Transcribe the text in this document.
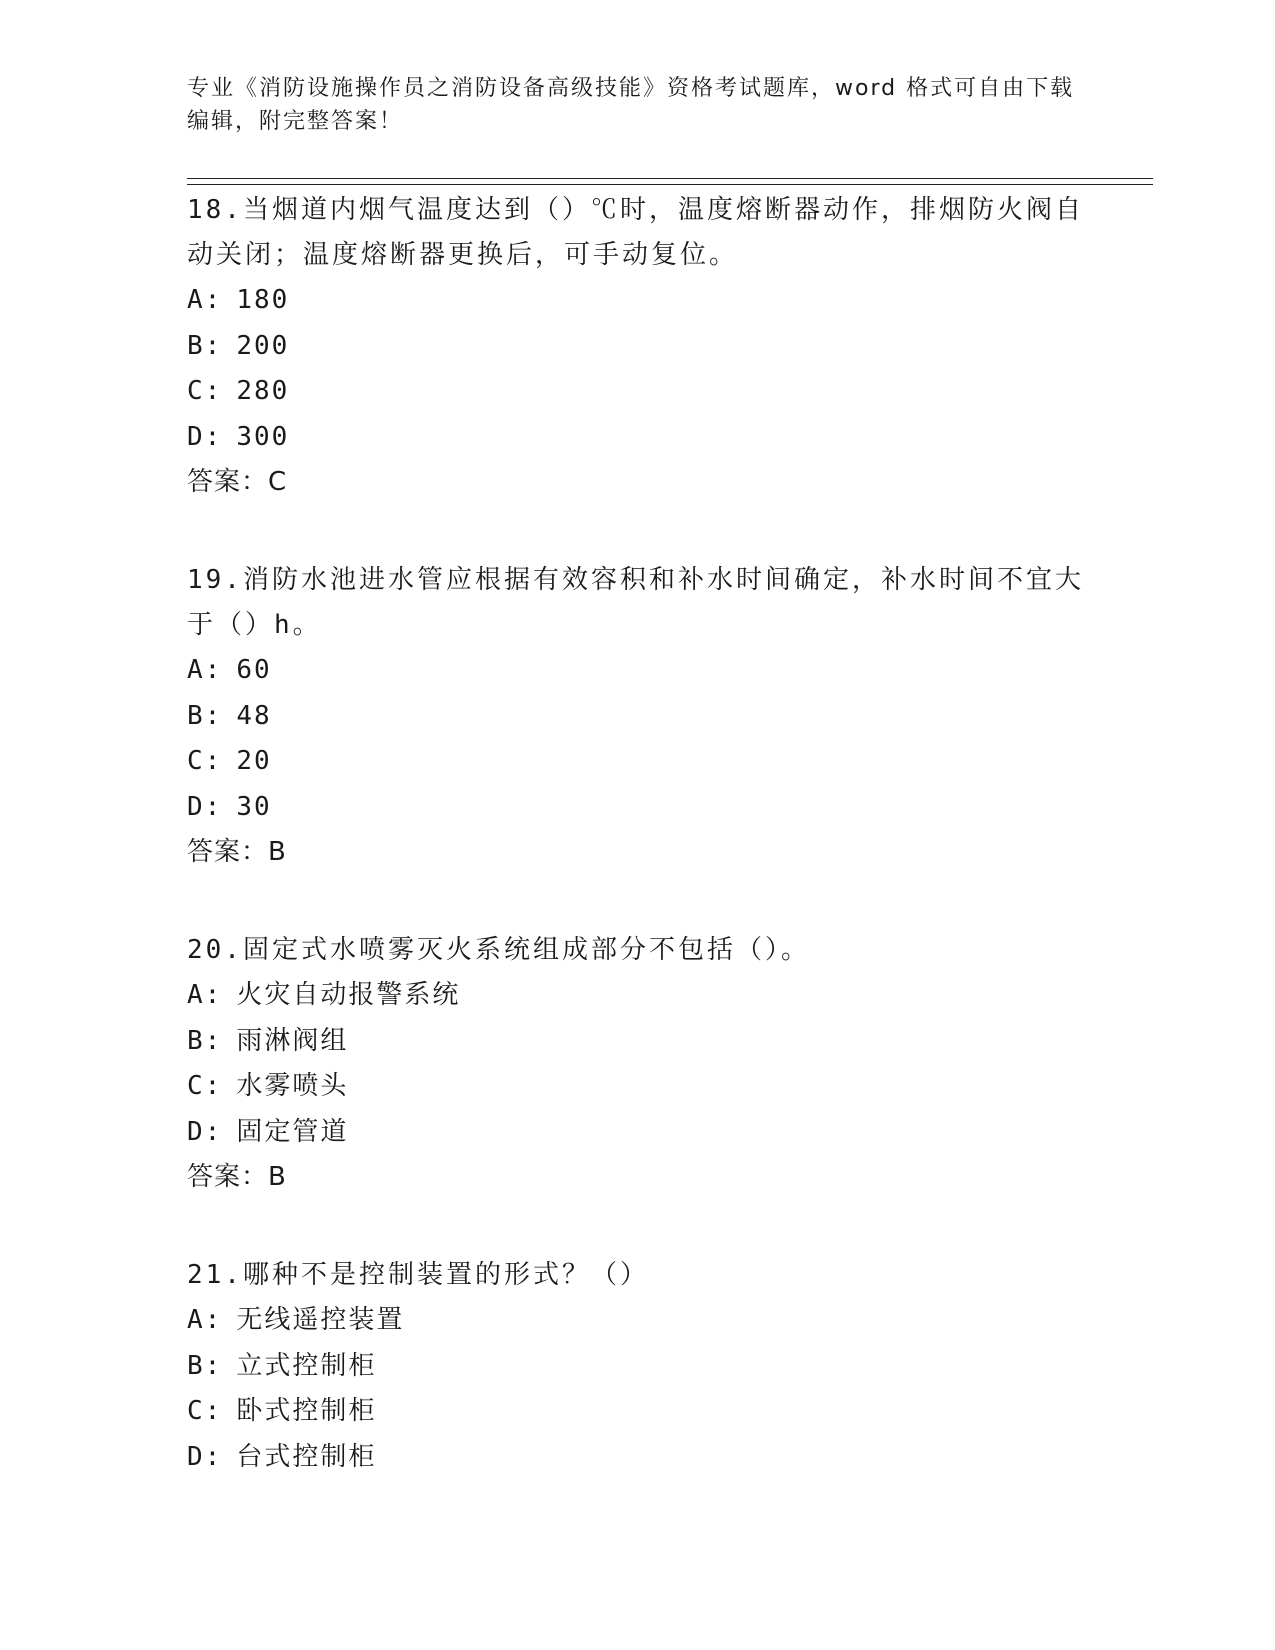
专业《消防设施操作员之消防设备高级技能》资格考试题库，word 格式可自由下载编辑，附完整答案！

18.当烟道内烟气温度达到（）℃时，温度熔断器动作，排烟防火阀自动关闭；温度熔断器更换后，可手动复位。

A: 180

B: 200

C: 280

D: 300

答案：C

19.消防水池进水管应根据有效容积和补水时间确定，补水时间不宜大于（）h。

A: 60

B: 48

C: 20

D: 30

答案：B

20.固定式水喷雾灭火系统组成部分不包括（）。

A: 火灾自动报警系统

B: 雨淋阀组

C: 水雾喷头

D: 固定管道

答案：B

21.哪种不是控制装置的形式？（）

A: 无线遥控装置

B: 立式控制柜

C: 卧式控制柜

D: 台式控制柜
